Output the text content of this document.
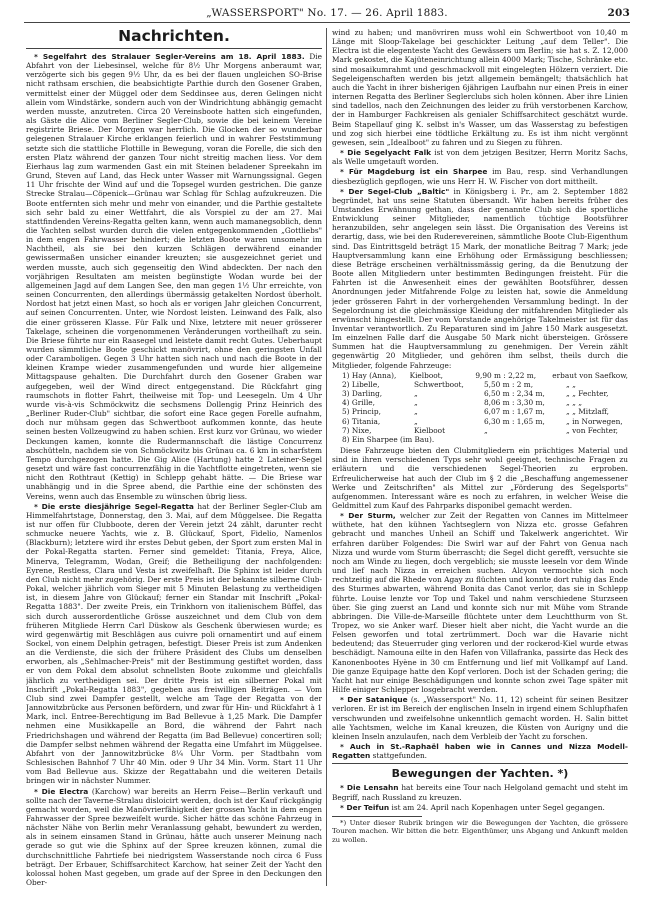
„WASSERSPORT" No. 17. — 26. April 1883.	203
Nachrichten.

* Segelfahrt des Stralauer Segler-Vereins am 18. April 1883. Die Abfahrt von der Liebesinsel, welche für 8½ Uhr Morgens anberaumt war, verzögerte sich bis gegen 9½ Uhr, da es bei der flauen ungleichen SO-Brise nicht rathsam erschien, die beabsichtigte Parthie durch den Gosener Graben, vermittelst einer der Müggel oder dem Seddinsee aus, deren Gelingen nicht allein vom Windstärke, sondern auch von der Windrichtung abhängig gemacht werden musste, anzutreten. Circa 20 Vereinsboote hatten sich eingefunden, als Gäste die Alice vom Berliner Segler-Club, sowie die bei keinem Vereine registrirte Briese. Der Morgen war herrlich. Die Glocken der so wunderbar gelegenen Stralauer Kirche erklangen feierlich und in wahrer Feststimmung setzte sich die stattliche Flottille in Bewegung, voran die Forelle, die sich den ersten Platz während der ganzen Tour nicht streitig machen liess. Vor dem Eierhaus lag zum warmenden Gast ein mit Steinen beladener Spreekahn im Grund, Steven auf Land, das Heck unter Wasser mit Warnungssignal. Gegen 11 Uhr frischte der Wind auf und die Topsegel wurden gestrichen. Die ganze Strecke Stralau—Cöpenick—Grünau war Schlag für Schlag aufzukreuzen. Die Boote entfernten sich mehr und mehr von einander, und die Parthie gestaltete sich sehr bald zu einer Wettfahrt, die als Vorspiel zu der am 27. Mai stattfindenden Vereins-Regatta gelten kann, wenn auch mamanegsoblich, denn die Yachten selbst wurden durch die vielen entgegenkommenden „Gottliebs" in dem engen Fahrwasser behindert; die letzten Boote waren unsomehr im Nachtheil, als sie bei den kurzen Schlägen derwährend einander gewissermaßen unsicher einander kreuzten; sie ausgezeichnet geriet und werden musste, auch sich gegenseitig den Wind abdeckten. Der nach den vorjährigen Resultaten am meisten begünstigte Wodan wurde bei der allgemeinen Jagd auf dem Langen See, den man gegen 1½ Uhr erreichte, von seinen Concurrenten, den allerdings übermässig getakelten Nordost überholt. Nordost hat jetzt einen Mast, so hoch als er vorigen Jahr gleichen Concurrent, auf seinen Concurrenten. Unter, wie Nordost leisten. Leinwand des Falk, also die einer grösseren Klasse. Für Falk und Nixe, letztere mit neuer grösserer Takelage, scheinen die vorgenommenen Veränderungen vortheilhaft zu sein. Die Briese führte nur ein Raasegel und leistete damit recht Gutes. Ueberhaupt wurden sämmtliche Boote geschickt manövrirt, ohne den geringsten Unfall oder Caramboligen. Gegen 3 Uhr hatten sich nach und nach die Boote in der kleinen Krampe wieder zusammengefunden und wurde hier allgemeine Mittagspause gehalten. Die Durchfahrt durch den Gosener Graben war aufgegeben, weil der Wind direct entgegenstand. Die Rückfahrt ging raumschots in flotter Fahrt, theilweise mit Top- und Leesegeln. Um 4 Uhr wurde vis-à-vis Schmöckwitz die sechsmens Dollengig Prinz Heinrich des „Berliner Ruder-Club" sichtbar, die sofort eine Race gegen Forelle aufnahm, doch nur mühsam gegen das Schwertboot aufkommen konnte, das heute seinen besten Vollzeugwind zu haben schien. Erst kurz vor Grünau, wo wieder Deckungen kamen, konnte die Rudermannschaft die lästige Concurrenz abschütteln, nachdem sie von Schmöckwitz bis Grünau ca. 6 km in scharfstem Tempo durchgezogen hatte. Die Gig Alice (Hartung) hatte 2 Lateiner-Segel gesetzt und wäre fast concurrenzfähig in die Yachtflotte eingetreten, wenn sie nicht den Rothtraut (Kettig) in Schlepp gehabt hätte. — Die Briese war unabhängig und in die Spree abend, die Parthie eine der schönsten des Vereins, wenn auch das Ensemble zu wünschen übrig liess.

* Die erste diesjährige Segel-Regatta hat der Berliner Segler-Club am Himmelfahrtstage, Donnerstag, den 3. Mai, auf dem Müggelsee. Die Regatta ist nur offen für Clubboote, deren der Verein jetzt 24 zählt, darunter recht schmucke neuere Yachts, wie z. B. Glückauf, Sport, Fidelio, Namenlos (Blackburn); letztere wird ihr erstes Debut geben, der Sport zum ersten Mal in der Pokal-Regatta starten. Ferner sind gemeldet: Titania, Freya, Alice, Minerva, Telegramm, Wodan, Greif; die Betheiligung der nachfolgenden: Eyrene, Restless, Clara und Vesta ist zweifelhaft. Die Sphinx ist leider durch den Club nicht mehr zugehörig. Der erste Preis ist der bekannte silberne Club-Pokal, welcher jährlich vom Sieger mit 5 Minuten Belastung zu vertheidigen ist, in diesem Jahre von Glückauf; ferner ein Standar mit Inschrift „Pokal-Regatta 1883". Der zweite Preis, ein Trinkhorn von italienischem Büffel, das sich durch ausserordentliche Grösse auszeichnet und dem Club von dem früheren Mitgliede Herrn Carl Düskow als Geschenk überwiesen wurde; es wird gegenwärtig mit Beschlägen aus cuivre poli ornamentirt und auf einem Sockel, von einem Delphin getragen, befestigt. Dieser Preis ist zum Andenken an die Verdienste, die sich der frühere Präsident des Clubs um denselben erworben, als „Sehlmacher-Preis" mit der Bestimmung gestiftet worden, dass er von dem Pokal dem absolut schnellsten Boote zukomme und gleichfalls jährlich zu vertheidigen sei. Der dritte Preis ist ein silberner Pokal mit Inschrift „Pokal-Regatta 1883", gegeben aus freiwilligen Beiträgen. — Vom Club sind zwei Dampfer gestellt, welche am Tage der Regatta von der Jannowitzbrücke aus Personen befördern, und zwar für Hin- und Rückfahrt à 1 Mark, incl. Entree-Berechtigung im Bad Bellevue à 1,25 Mark. Die Dampfer nehmen eine Musikkapelle an Bord, die während der Fahrt nach Friedrichshagen und während der Regatta (im Bad Bellevue) concertiren soll; die Dampfer selbst nehmen während der Regatta eine Umfahrt im Müggelsee. Abfahrt von der Jannowitzbrücke 8¼ Uhr Vorm. per Stadtbahn vom Schlesischen Bahnhof 7 Uhr 40 Min. oder 9 Uhr 34 Min. Vorm. Start 11 Uhr vom Bad Bellevue aus. Skizze der Regattabahn und die weiteren Details bringen wir in nächster Nummer.

* Die Electra (Karchow) war bereits an Herrn Feise—Berlin verkauft und sollte nach der Taverne-Stralau disloicirt werden, doch ist der Kauf rückgängig gemacht worden, weil die Manövrierfähigkeit der grossen Yacht in dem engen Fahrwasser der Spree bezweifelt wurde. Sicher hätte das schöne Fahrzeug in nächster Nähe von Berlin mehr Veranlassung gehabt, bewundert zu werden, als in seinem einsamen Stand in Grünau, hätte auch unserer Meinung nach gerade so gut wie die Sphinx auf der Spree kreuzen können, zumal die durchschnittliche Fahrtiefe bei niedrigstem Wasserstande noch circa 6 Fuss beträgt. Der Erbauer, Schiffsarchitect Karchow, hat seiner Zeit der Yacht den kolossal hohen Mast gegeben, um grade auf der Spree in den Deckungen den Ober-

wind zu haben; und manövriren muss wohl ein Schwertboot von 10,40 m Länge mit Sloop-Takelage bei geschickter Leitung „auf dem Teller". Die Electra ist die elegenteste Yacht des Gewässers um Berlin; sie hat s. Z. 12,000 Mark gekostet, die Kajüteneinrichtung allein 4000 Mark; Tische, Schränke etc. sind mosaikumrahmt und geschmackvoll mit eingelegten Hölzern verziert. Die Segeleigenschaften werden bis jetzt allgemein bemängelt; thatsächlich hat auch die Yacht in ihrer bisherigen 6jährigen Laufbahn nur einen Preis in einer internen Regatta des Berliner Seglerclubs sich holen können. Aber ihre Linien sind tadellos, nach den Zeichnungen des leider zu früh verstorbenen Karchow, der in Hamburger Fachkreisen als genialer Schiffsarchitect geschätzt wurde. Beim Stapellauf ging K. selbst in's Wasser, um das Wasserstag zu befestigen und zog sich hierbei eine tödtliche Erkältung zu. Es ist ihm nicht vergönnt gewesen, sein „Idealboot" zu fahren und zu Siegen zu führen.

* Die Segelyacht Falk ist von dem jetzigen Besitzer, Herrn Moritz Sachs, als Welle umgetauft worden.

* Für Magdeburg ist ein Sharpee im Bau, resp. sind Verhandlungen diesbezüglich gepflogen, wie uns Herr H. W. Fischer von dort mittheilt.

* Der Segel-Club „Baltic" in Königsberg i. Pr., am 2. September 1882 begründet, hat uns seine Statuten übersandt. Wir haben bereits früher des Umstandes Erwähnung gethan, dass der genannte Club sich die sportliche Entwicklung seiner Mitglieder, namentlich tüchtige Bootsführer heranzubilden, sehr angelegen sein lässt. Die Organisation des Vereins ist derartig, dass, wie bei den Ruderevereinen, sämmtliche Boote Club-Eigenthum sind. Das Eintrittsgeld beträgt 15 Mark, der monatliche Beitrag 7 Mark; jede Hauptversammlung kann eine Erhöhung oder Ermässigung beschliessen; diese Beträge erscheinen verhältnissmässig gering, da die Benutzung der Boote allen Mitgliedern unter bestimmten Bedingungen freisteht. Für die Fahrten ist die Anwesenheit eines der gewählten Bootsführer, dessen Anordnungen jeder Mitfahrende Folge zu leisten hat, sowie die Anmeldung jeder grösseren Fahrt in der vorhergehenden Versammlung bedingt. In der Segelordnung ist die gleichmässige Kleidung der mitfahrenden Mitglieder als erwünscht hingestellt. Der vom Vorstande angehörige Takelmeister ist für das Inventar verantwortlich. Zu Reparaturen sind im Jahre 150 Mark ausgesetzt. Im einzelnen Falle darf die Ausgabe 50 Mark nicht übersteigen. Grössere Summen hat die Hauptversammlung zu genehmigen. Der Verein zählt gegenwärtig 20 Mitglieder, und gehören ihm selbst, theils durch die Mitglieder, folgende Fahrzeuge:

1) Hay (Anna),	Kielboot,	9,90 m : 2,22 m,	erbaut von Saefkow,
2) Libelle,	Schwertboot,	5,50 m : 2 m,	„ „
3) Darling,	„	6,50 m : 2,34 m,	„ „ Fechter,
4) Grille,	„	8,06 m : 3,30 m,	„ „ „
5) Princip,	„	6,07 m : 1,67 m,	„ „ Mitzlaff,
6) Titania,	„	6,30 m : 1,65 m,	„ in Norwegen,
7) Nixe,	Kielboot	„	„ von Fechter,
8) Ein Sharpee (im Bau).

Diese Fahrzeuge bieten den Clubmitgliedern ein prächtiges Material und sind in ihren verschiedenen Typs sehr wohl geeignet, technische Fragen zu erläutern und die verschiedenen Segel-Theorien zu erproben. Erfreulicherweise hat auch der Club im § 2 die „Beschaffung angemessener Werke und Zeitschriften" als Mittel zur „Förderung des Segelsports" aufgenommen. Interessant wäre es noch zu erfahren, in welcher Weise die Geldmittel zum Kauf des Fahrparks disponibel gemacht werden.

* Der Sturm, welcher zur Zeit der Regatten von Cannes im Mittelmeer wüthete, hat den kühnen Yachtseglern von Nizza etc. grosse Gefahren gebracht und manches Unheil an Schiff und Takelwerk angerichtet. Wir erfahren darüber Folgendes: Die Swirl war auf der Fahrt von Genua nach Nizza und wurde vom Sturm überrascht; die Segel dicht gerefft, versuchte sie noch am Winde zu liegen, doch vergeblich; sie musste leeseln vor dem Winde und lief nach Nizza in erreichen suchen. Alcyon vermochte sich noch rechtzeitig auf die Rhede von Agay zu flüchten und konnte dort ruhig das Ende des Sturmes abwarten, während Bonita das Canot verlor, das sie in Schlepp führte. Louise lenzte vor Top und Takel und nahm verschiedene Sturzseen über. Sie ging zuerst an Land und konnte sich nur mit Mühe vom Strande abbringen. Die Ville-de-Marseille flüchtete unter dem Leuchtthurm von St. Tropez, wo sie Anker warf. Dieser hielt aber nicht, die Yacht wurde an die Felsen geworfen und total zertrümmert. Doch war die Havarie nicht bedeutend; das Steuerruder ging verloren und der rockerod-Kiel wurde etwas beschädigt. Namouna eilte in den Hafen von Villafranka, passirte das Heck des Kanonenbootes Hyène in 30 cm Entfernung und lief mit Vollkampf auf Land. Die ganze Equipage hatte den Kopf verloren. Doch ist der Schaden gering; die Yacht hat nur einige Beschädigungen und konnte schon zwei Tage später mit Hilfe einiger Schlepper losgebracht werden.

* Der Satanique (s. „Wassersport" No. 11, 12) scheint für seinen Besitzer verloren. Er ist im Bereich der englischen Inseln in irgend einem Schlupfhafen verschwunden und zweifelsohne unkenntlich gemacht worden. H. Salin bittet alle Yachtsmen, welche im Kanal kreuzen, die Küsten von Aurigny und die kleinen Inseln anzulaufen, nach dem Verbleib der Yacht zu forschen.

* Auch in St.-Raphaël haben wie in Cannes und Nizza Modell-Regatten stattgefunden.

Bewegungen der Yachten. *)

* Die Lensahn hat bereits eine Tour nach Helgoland gemacht und steht im Begriff, nach Russland zu kreuzen.

* Der Teifun ist am 24. April nach Kopenhagen unter Segel gegangen.

*) Unter dieser Rubrik bringen wir die Bewegungen der Yachten, die grössere Touren machen. Wir bitten die betr. Eigenthümer, uns Abgang und Ankunft melden zu wollen.
